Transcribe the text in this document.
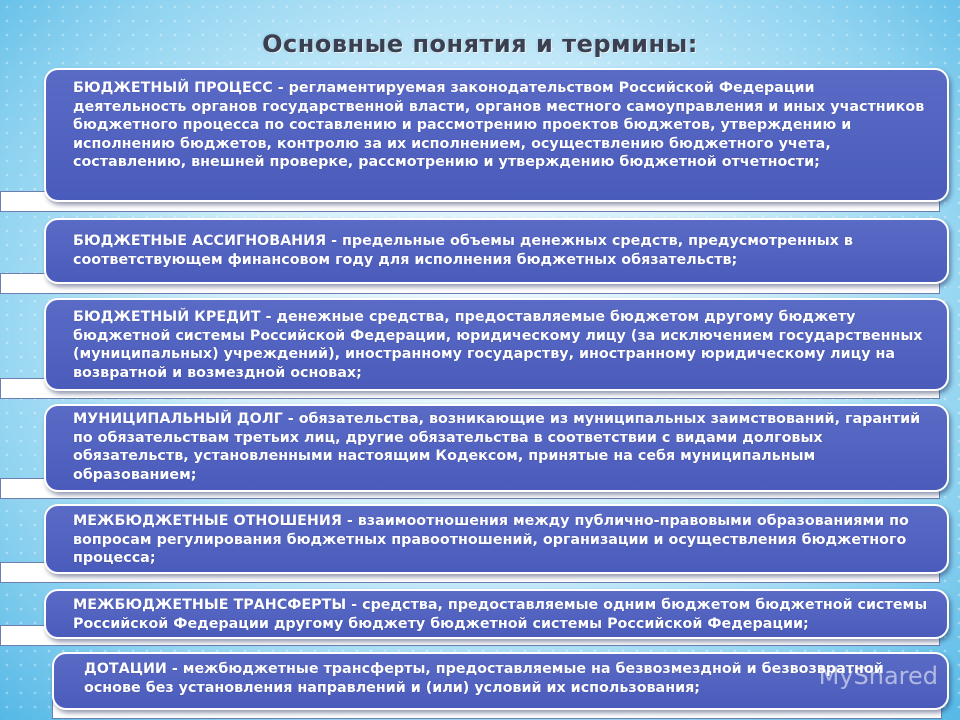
Основные понятия и термины:
БЮДЖЕТНЫЙ ПРОЦЕСС - регламентируемая законодательством Российской Федерации деятельность органов государственной власти, органов местного самоуправления и иных участников бюджетного процесса по составлению и рассмотрению проектов бюджетов, утверждению и исполнению бюджетов, контролю за их исполнением, осуществлению бюджетного учета, составлению, внешней проверке, рассмотрению и утверждению бюджетной отчетности;
БЮДЖЕТНЫЕ АССИГНОВАНИЯ - предельные объемы денежных средств, предусмотренных в соответствующем финансовом году для исполнения бюджетных обязательств;
БЮДЖЕТНЫЙ КРЕДИТ - денежные средства, предоставляемые бюджетом другому бюджету бюджетной системы Российской Федерации, юридическому лицу (за исключением государственных (муниципальных) учреждений), иностранному государству, иностранному юридическому лицу на возвратной и возмездной основах;
МУНИЦИПАЛЬНЫЙ ДОЛГ - обязательства, возникающие из муниципальных заимствований, гарантий по обязательствам третьих лиц, другие обязательства в соответствии с видами долговых обязательств, установленными настоящим Кодексом, принятые на себя муниципальным образованием;
МЕЖБЮДЖЕТНЫЕ ОТНОШЕНИЯ - взаимоотношения между публично-правовыми образованиями по вопросам регулирования бюджетных правоотношений, организации и осуществления бюджетного процесса;
МЕЖБЮДЖЕТНЫЕ ТРАНСФЕРТЫ - средства, предоставляемые одним бюджетом бюджетной системы Российской Федерации другому бюджету бюджетной системы Российской Федерации;
ДОТАЦИИ - межбюджетные трансферты, предоставляемые на безвозмездной и безвозвратной основе без установления направлений и (или) условий их использования;	MyShared
